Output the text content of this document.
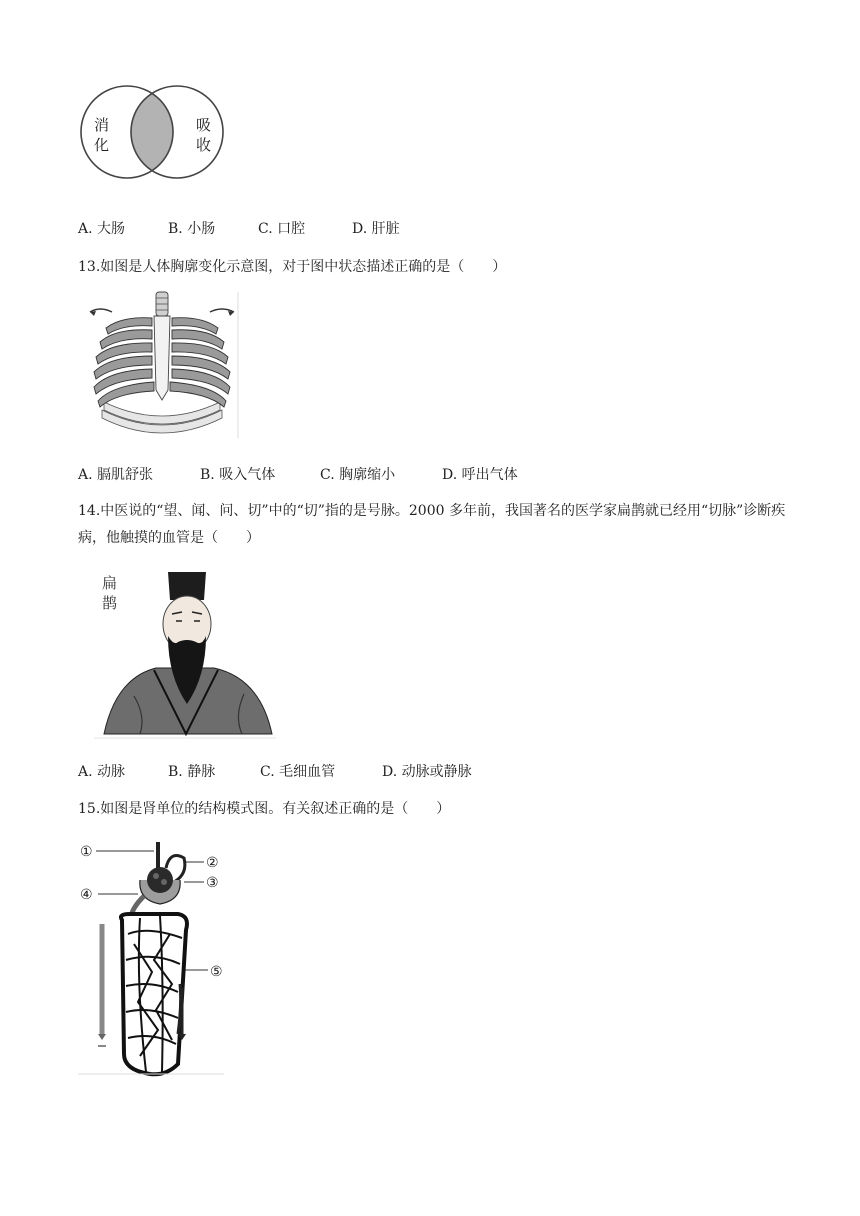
消
化
吸
收
A. 大肠	B. 小肠	C. 口腔	D. 肝脏
13.如图是人体胸廓变化示意图，对于图中状态描述正确的是（　　）
A. 膈肌舒张	B. 吸入气体	C. 胸廓缩小	D. 呼出气体
14.中医说的“望、闻、问、切”中的“切”指的是号脉。2000 多年前，我国著名的医学家扁鹊就已经用“切脉”诊断疾病，他触摸的血管是（　　）
扁
鹊
A. 动脉	B. 静脉	C. 毛细血管	D. 动脉或静脉
15.如图是肾单位的结构模式图。有关叙述正确的是（　　）
①
②
③
④
⑤
